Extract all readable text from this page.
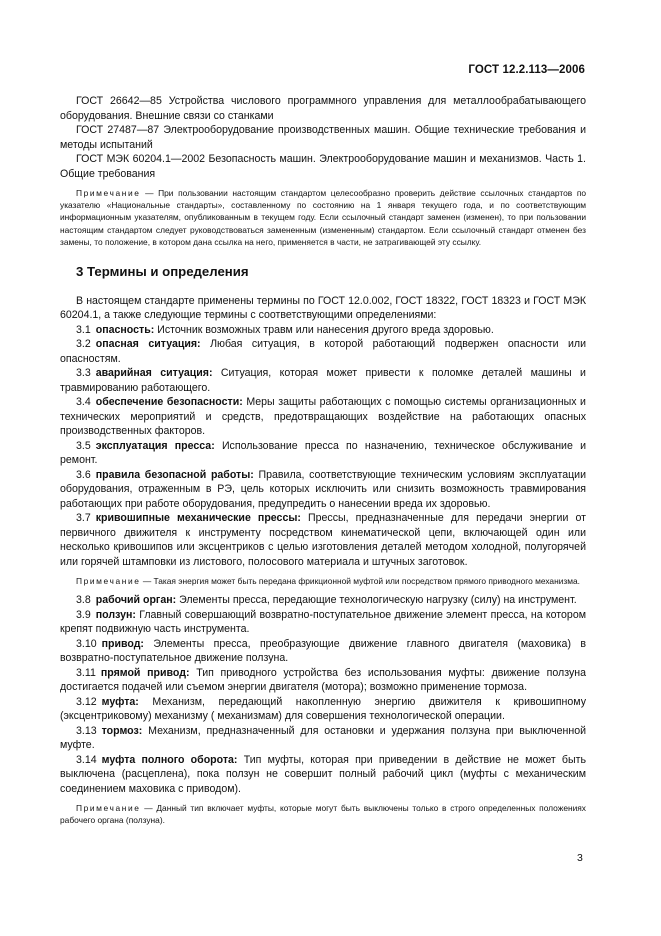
ГОСТ 12.2.113—2006

ГОСТ 26642—85 Устройства числового программного управления для металлообрабатывающего оборудования. Внешние связи со станками

ГОСТ 27487—87 Электрооборудование производственных машин. Общие технические требования и методы испытаний

ГОСТ МЭК 60204.1—2002 Безопасность машин. Электрооборудование машин и механизмов. Часть 1. Общие требования

Примечание — При пользовании настоящим стандартом целесообразно проверить действие ссылочных стандартов по указателю «Национальные стандарты», составленному по состоянию на 1 января текущего года, и по соответствующим информационным указателям, опубликованным в текущем году. Если ссылочный стандарт заменен (изменен), то при пользовании настоящим стандартом следует руководствоваться замененным (измененным) стандартом. Если ссылочный стандарт отменен без замены, то положение, в котором дана ссылка на него, применяется в части, не затрагивающей эту ссылку.

3 Термины и определения

В настоящем стандарте применены термины по ГОСТ 12.0.002, ГОСТ 18322, ГОСТ 18323 и ГОСТ МЭК 60204.1, а также следующие термины с соответствующими определениями:

3.1 опасность: Источник возможных травм или нанесения другого вреда здоровью.

3.2 опасная ситуация: Любая ситуация, в которой работающий подвержен опасности или опасностям.

3.3 аварийная ситуация: Ситуация, которая может привести к поломке деталей машины и травмированию работающего.

3.4 обеспечение безопасности: Меры защиты работающих с помощью системы организационных и технических мероприятий и средств, предотвращающих воздействие на работающих опасных производственных факторов.

3.5 эксплуатация пресса: Использование пресса по назначению, техническое обслуживание и ремонт.

3.6 правила безопасной работы: Правила, соответствующие техническим условиям эксплуатации оборудования, отраженным в РЭ, цель которых исключить или снизить возможность травмирования работающих при работе оборудования, предупредить о нанесении вреда их здоровью.

3.7 кривошипные механические прессы: Прессы, предназначенные для передачи энергии от первичного движителя к инструменту посредством кинематической цепи, включающей один или несколько кривошипов или эксцентриков с целью изготовления деталей методом холодной, полугорячей или горячей штамповки из листового, полосового материала и штучных заготовок.

Примечание — Такая энергия может быть передана фрикционной муфтой или посредством прямого приводного механизма.

3.8 рабочий орган: Элементы пресса, передающие технологическую нагрузку (силу) на инструмент.

3.9 ползун: Главный совершающий возвратно-поступательное движение элемент пресса, на котором крепят подвижную часть инструмента.

3.10 привод: Элементы пресса, преобразующие движение главного двигателя (маховика) в возвратно-поступательное движение ползуна.

3.11 прямой привод: Тип приводного устройства без использования муфты: движение ползуна достигается подачей или съемом энергии двигателя (мотора); возможно применение тормоза.

3.12 муфта: Механизм, передающий накопленную энергию движителя к кривошипному (эксцентриковому) механизму ( механизмам) для совершения технологической операции.

3.13 тормоз: Механизм, предназначенный для остановки и удержания ползуна при выключенной муфте.

3.14 муфта полного оборота: Тип муфты, которая при приведении в действие не может быть выключена (расцеплена), пока ползун не совершит полный рабочий цикл (муфты с механическим соединением маховика с приводом).

Примечание — Данный тип включает муфты, которые могут быть выключены только в строго определенных положениях рабочего органа (ползуна).

3
